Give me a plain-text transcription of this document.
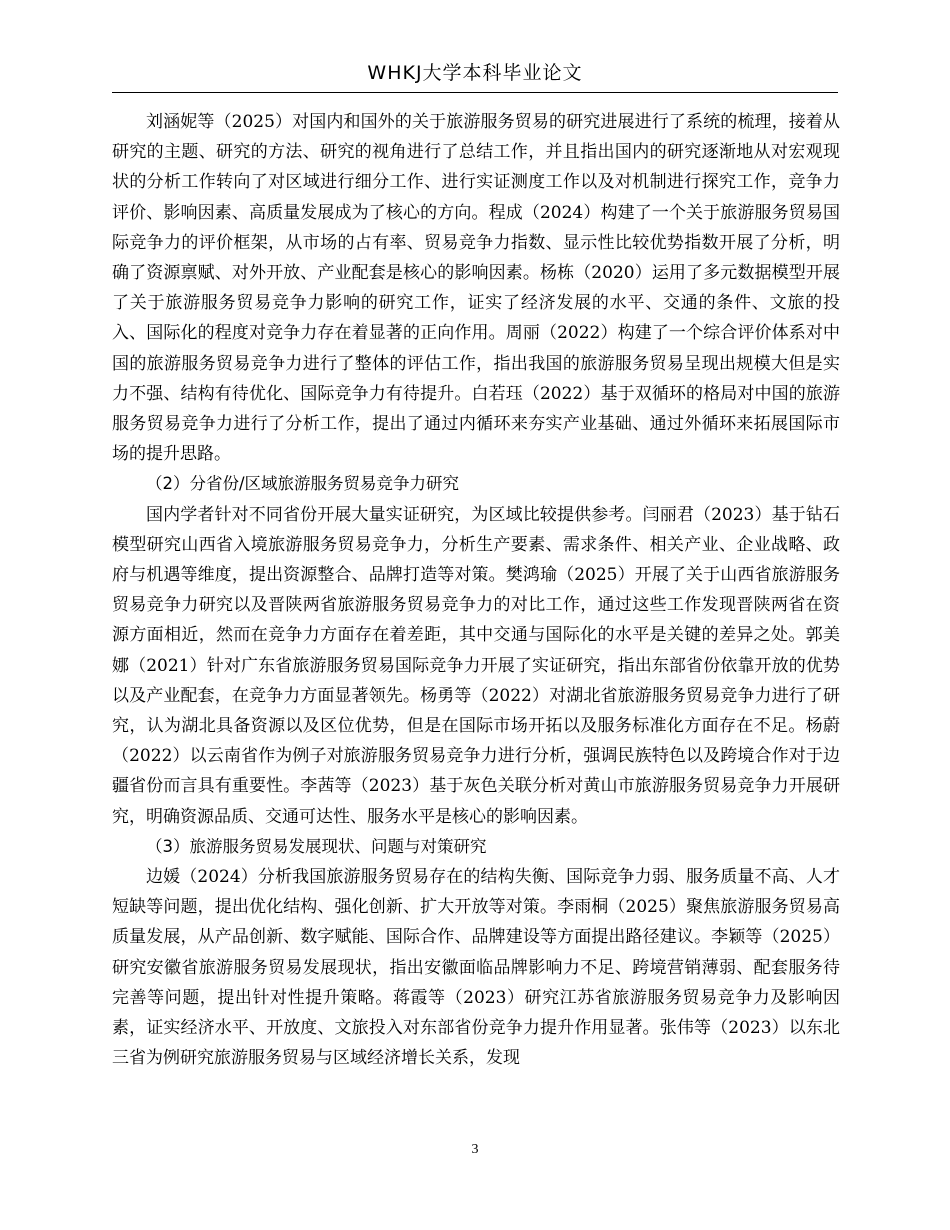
WHKJ大学本科毕业论文

刘涵妮等（2025）对国内和国外的关于旅游服务贸易的研究进展进行了系统的梳理，接着从研究的主题、研究的方法、研究的视角进行了总结工作，并且指出国内的研究逐渐地从对宏观现状的分析工作转向了对区域进行细分工作、进行实证测度工作以及对机制进行探究工作，竞争力评价、影响因素、高质量发展成为了核心的方向。程成（2024）构建了一个关于旅游服务贸易国际竞争力的评价框架，从市场的占有率、贸易竞争力指数、显示性比较优势指数开展了分析，明确了资源禀赋、对外开放、产业配套是核心的影响因素。杨栋（2020）运用了多元数据模型开展了关于旅游服务贸易竞争力影响的研究工作，证实了经济发展的水平、交通的条件、文旅的投入、国际化的程度对竞争力存在着显著的正向作用。周丽（2022）构建了一个综合评价体系对中国的旅游服务贸易竞争力进行了整体的评估工作，指出我国的旅游服务贸易呈现出规模大但是实力不强、结构有待优化、国际竞争力有待提升。白若珏（2022）基于双循环的格局对中国的旅游服务贸易竞争力进行了分析工作，提出了通过内循环来夯实产业基础、通过外循环来拓展国际市场的提升思路。

（2）分省份/区域旅游服务贸易竞争力研究

国内学者针对不同省份开展大量实证研究，为区域比较提供参考。闫丽君（2023）基于钻石模型研究山西省入境旅游服务贸易竞争力，分析生产要素、需求条件、相关产业、企业战略、政府与机遇等维度，提出资源整合、品牌打造等对策。樊鸿瑜（2025）开展了关于山西省旅游服务贸易竞争力研究以及晋陕两省旅游服务贸易竞争力的对比工作，通过这些工作发现晋陕两省在资源方面相近，然而在竞争力方面存在着差距，其中交通与国际化的水平是关键的差异之处。郭美娜（2021）针对广东省旅游服务贸易国际竞争力开展了实证研究，指出东部省份依靠开放的优势以及产业配套，在竞争力方面显著领先。杨勇等（2022）对湖北省旅游服务贸易竞争力进行了研究，认为湖北具备资源以及区位优势，但是在国际市场开拓以及服务标准化方面存在不足。杨蔚（2022）以云南省作为例子对旅游服务贸易竞争力进行分析，强调民族特色以及跨境合作对于边疆省份而言具有重要性。李茜等（2023）基于灰色关联分析对黄山市旅游服务贸易竞争力开展研究，明确资源品质、交通可达性、服务水平是核心的影响因素。

（3）旅游服务贸易发展现状、问题与对策研究

边媛（2024）分析我国旅游服务贸易存在的结构失衡、国际竞争力弱、服务质量不高、人才短缺等问题，提出优化结构、强化创新、扩大开放等对策。李雨桐（2025）聚焦旅游服务贸易高质量发展，从产品创新、数字赋能、国际合作、品牌建设等方面提出路径建议。李颖等（2025）研究安徽省旅游服务贸易发展现状，指出安徽面临品牌影响力不足、跨境营销薄弱、配套服务待完善等问题，提出针对性提升策略。蒋霞等（2023）研究江苏省旅游服务贸易竞争力及影响因素，证实经济水平、开放度、文旅投入对东部省份竞争力提升作用显著。张伟等（2023）以东北三省为例研究旅游服务贸易与区域经济增长关系，发现

3
